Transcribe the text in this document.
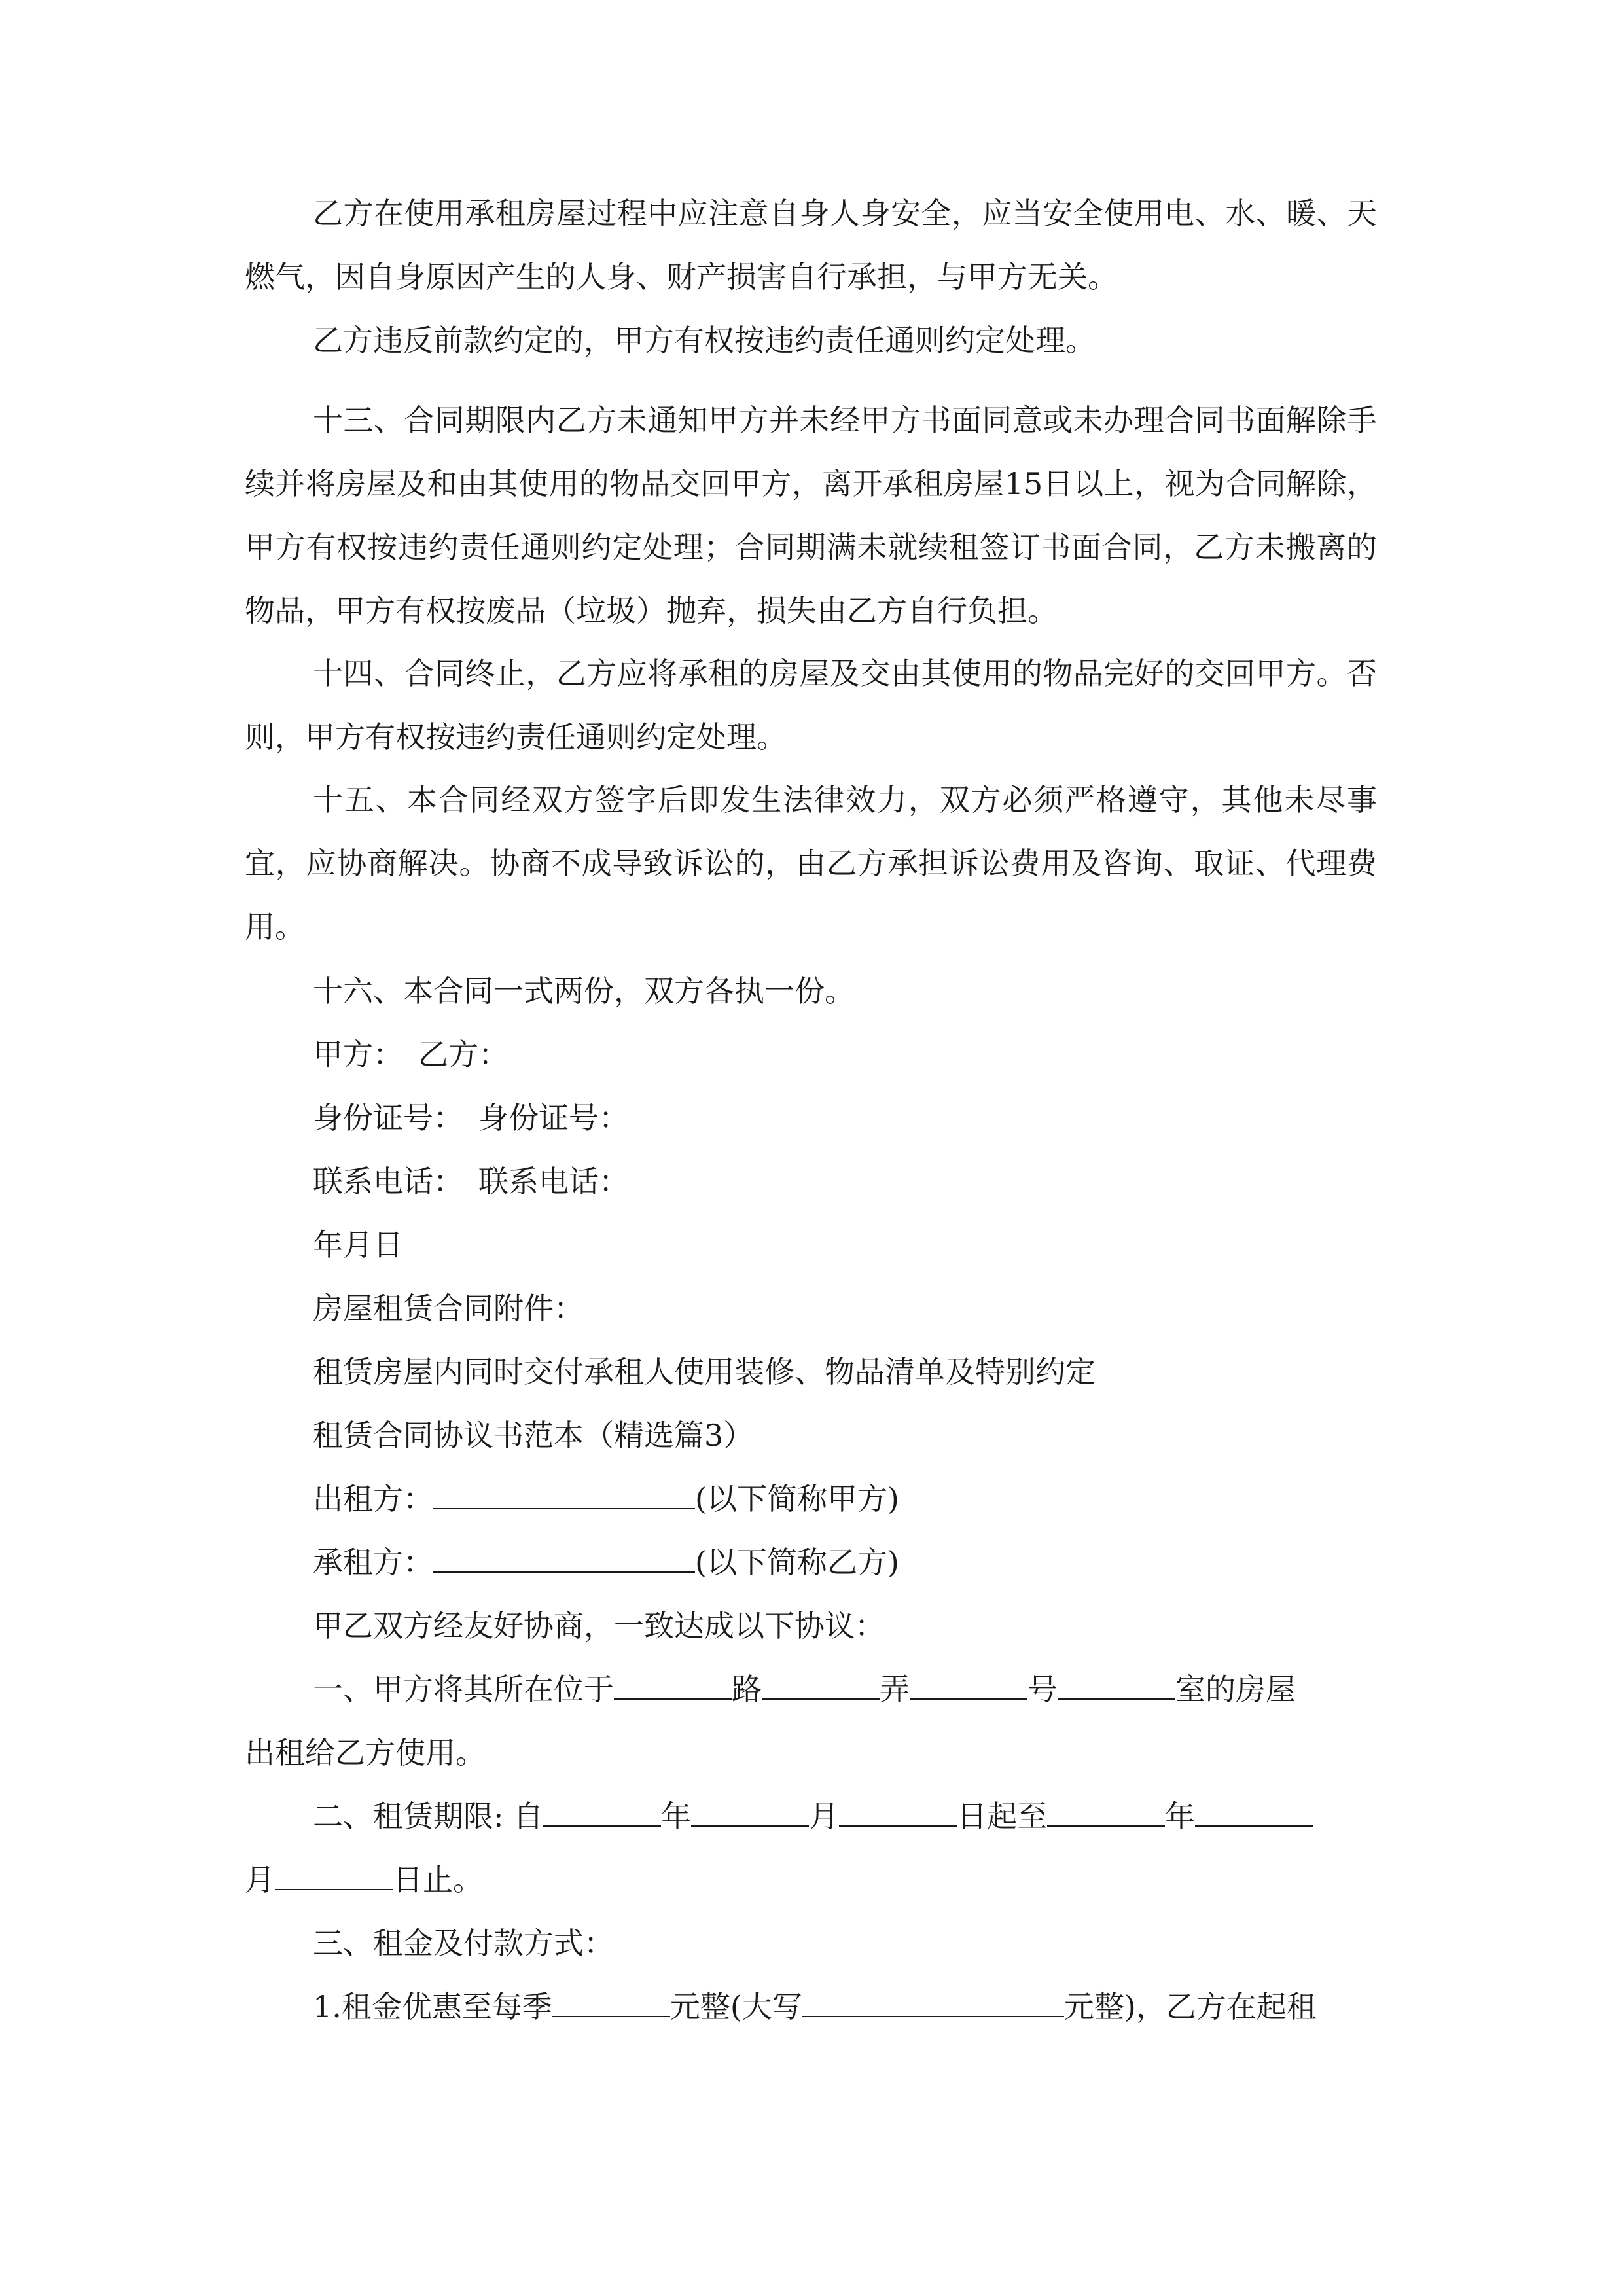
乙方在使用承租房屋过程中应注意自身人身安全，应当安全使用电、水、暖、天燃气，因自身原因产生的人身、财产损害自行承担，与甲方无关。

乙方违反前款约定的，甲方有权按违约责任通则约定处理。

十三、合同期限内乙方未通知甲方并未经甲方书面同意或未办理合同书面解除手续并将房屋及和由其使用的物品交回甲方，离开承租房屋15日以上，视为合同解除，甲方有权按违约责任通则约定处理；合同期满未就续租签订书面合同，乙方未搬离的物品，甲方有权按废品（垃圾）抛弃，损失由乙方自行负担。

十四、合同终止，乙方应将承租的房屋及交由其使用的物品完好的交回甲方。否则，甲方有权按违约责任通则约定处理。

十五、本合同经双方签字后即发生法律效力，双方必须严格遵守，其他未尽事宜，应协商解决。协商不成导致诉讼的，由乙方承担诉讼费用及咨询、取证、代理费用。

十六、本合同一式两份，双方各执一份。

甲方：　乙方：

身份证号：　身份证号：

联系电话：　联系电话：

年月日

房屋租赁合同附件：

租赁房屋内同时交付承租人使用装修、物品清单及特别约定

租赁合同协议书范本（精选篇3）

出租方：	(以下简称甲方)

承租方：	(以下简称乙方)

甲乙双方经友好协商，一致达成以下协议：

一、甲方将其所在位于	路	弄	号	室的房屋

出租给乙方使用。

二、租赁期限: 自	年	月	日起至	年

月	日止。

三、租金及付款方式：

1.租金优惠至每季	元整(大写	元整)，乙方在起租
